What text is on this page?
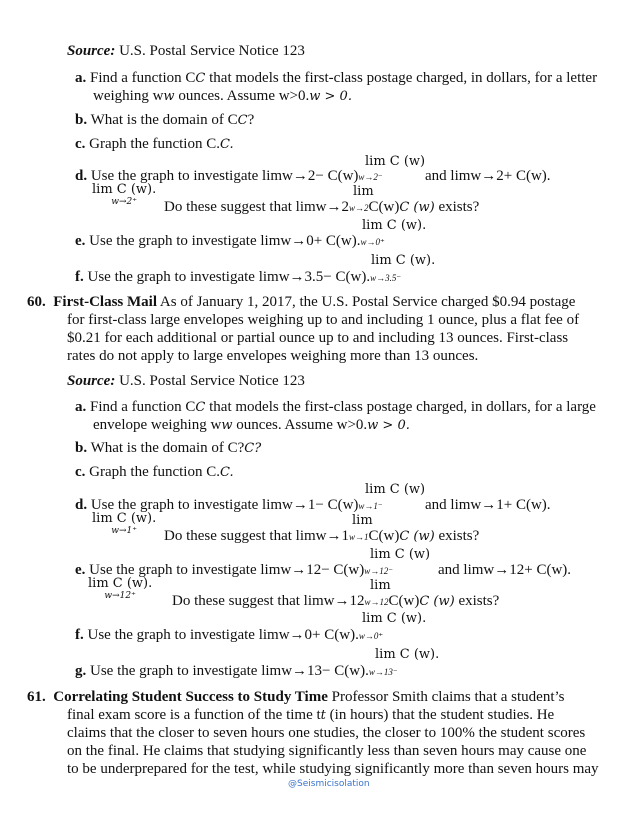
Source: U.S. Postal Service Notice 123
a. Find a function CC that models the first-class postage charged, in dollars, for a letter
weighing ww ounces. Assume w>0.w > 0.
b. What is the domain of CC?
c. Graph the function C.C.
lim C (w)
d. Use the graph to investigate limw→2− C(w)w→2⁻	and limw→2+ C(w).
lim C (w).
w→2⁺
lim
Do these suggest that limw→2w→2C(w)C (w) exists?
lim C (w).
e. Use the graph to investigate limw→0+ C(w).w→0⁺
lim C (w).
f. Use the graph to investigate limw→3.5− C(w).w→3.5⁻
60. First-Class Mail As of January 1, 2017, the U.S. Postal Service charged $0.94 postage
for first-class large envelopes weighing up to and including 1 ounce, plus a flat fee of
$0.21 for each additional or partial ounce up to and including 13 ounces. First-class
rates do not apply to large envelopes weighing more than 13 ounces.
Source: U.S. Postal Service Notice 123
a. Find a function CC that models the first-class postage charged, in dollars, for a large
envelope weighing ww ounces. Assume w>0.w > 0.
b. What is the domain of C?C?
c. Graph the function C.C.
lim C (w)
d. Use the graph to investigate limw→1− C(w)w→1⁻	and limw→1+ C(w).
lim C (w).
w→1⁺
lim
Do these suggest that limw→1w→1C(w)C (w) exists?
lim C (w)
e. Use the graph to investigate limw→12− C(w)w→12⁻	and limw→12+ C(w).
lim C (w).
w→12⁺
lim
Do these suggest that limw→12w→12C(w)C (w) exists?
lim C (w).
f. Use the graph to investigate limw→0+ C(w).w→0⁺
lim C (w).
g. Use the graph to investigate limw→13− C(w).w→13⁻
61. Correlating Student Success to Study Time Professor Smith claims that a student’s
final exam score is a function of the time tt (in hours) that the student studies. He
claims that the closer to seven hours one studies, the closer to 100% the student scores
on the final. He claims that studying significantly less than seven hours may cause one
to be underprepared for the test, while studying significantly more than seven hours may
@Seismicisolation
